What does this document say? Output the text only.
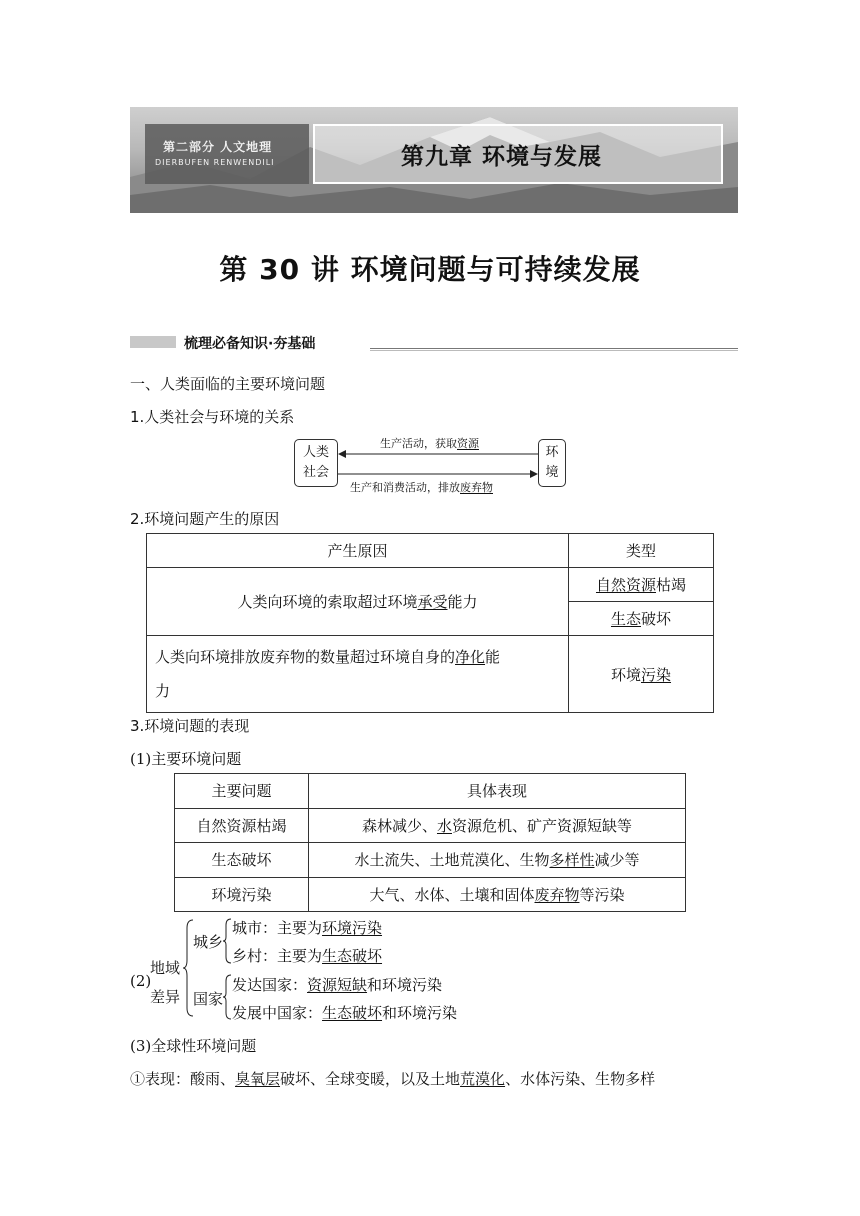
第二部分 人文地理
DIERBUFEN RENWENDILI	第九章 环境与发展
第 30 讲 环境问题与可持续发展
梳理必备知识·夯基础
一、人类面临的主要环境问题
1.人类社会与环境的关系
人类
社会
环
境
生产活动，获取资源
生产和消费活动，排放废弃物
2.环境问题产生的原因
产生原因	类型
人类向环境的索取超过环境承受能力	自然资源枯竭
	生态破坏
人类向环境排放废弃物的数量超过环境自身的净化能
力	环境污染
3.环境问题的表现
(1)主要环境问题
主要问题	具体表现
自然资源枯竭	森林减少、水资源危机、矿产资源短缺等
生态破坏	水土流失、土地荒漠化、生物多样性减少等
环境污染	大气、水体、土壤和固体废弃物等污染
(2)
地域
差异
城乡
城市：主要为环境污染
乡村：主要为生态破坏
国家
发达国家：资源短缺和环境污染
发展中国家：生态破坏和环境污染
(3)全球性环境问题
①表现：酸雨、臭氧层破坏、全球变暖，以及土地荒漠化、水体污染、生物多样
